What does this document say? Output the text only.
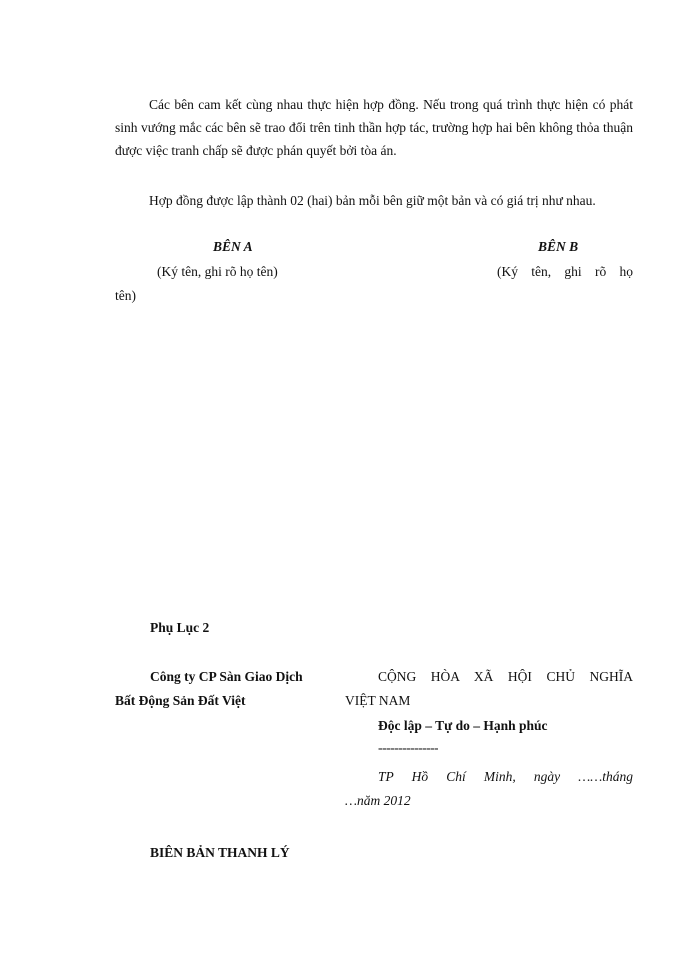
Các bên cam kết cùng nhau thực hiện hợp đồng. Nếu trong quá trình thực hiện có phát sinh vướng mắc các bên sẽ trao đổi trên tinh thần hợp tác, trường hợp hai bên không thỏa thuận được việc tranh chấp sẽ được phán quyết bởi tòa án.

Hợp đồng được lập thành 02 (hai) bản mỗi bên giữ một bản và có giá trị như nhau.

BÊN A
(Ký tên, ghi rõ họ tên)
BÊN B
(Ký tên, ghi rõ họ
tên)
Phụ Lục 2
Công ty CP Sàn Giao Dịch
Bất Động Sản Đất Việt
CỘNG HÒA XÃ HỘI CHỦ NGHĨA
VIỆT NAM
Độc lập – Tự do – Hạnh phúc
---------------
TP Hồ Chí Minh, ngày ……tháng
…năm 2012
BIÊN BẢN THANH LÝ
